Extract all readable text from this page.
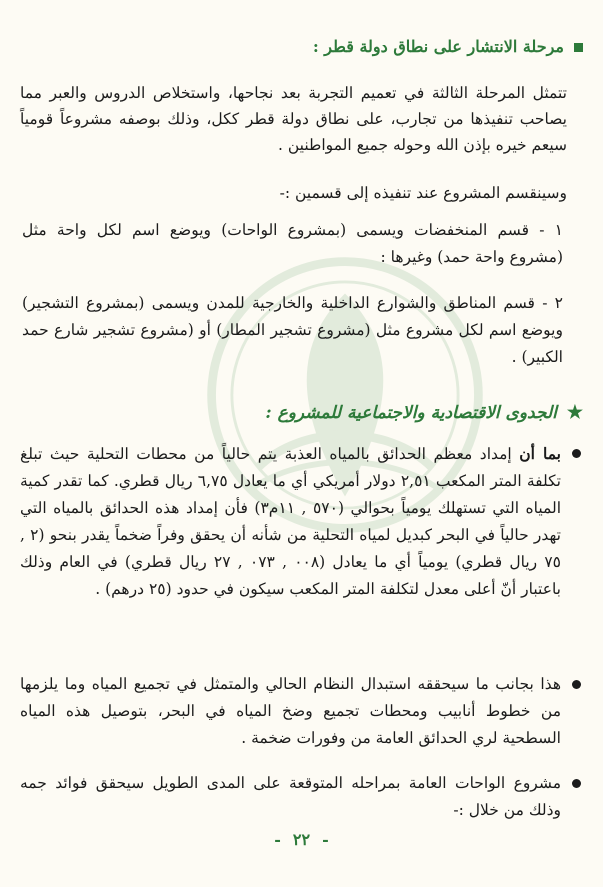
مرحلة الانتشار على نطاق دولة قطر :

تتمثل المرحلة الثالثة في تعميم التجربة بعد نجاحها، واستخلاص الدروس والعبر مما يصاحب تنفيذها من تجارب، على نطاق دولة قطر ككل، وذلك بوصفه مشروعاً قومياً سيعم خيره بإذن الله وحوله جميع المواطنين .

وسينقسم المشروع عند تنفيذه إلى قسمين :-

١ - قسم المنخفضات ويسمى (بمشروع الواحات) ويوضع اسم لكل واحة مثل (مشروع واحة حمد) وغيرها :
٢ - قسم المناطق والشوارع الداخلية والخارجية للمدن ويسمى (بمشروع التشجير) ويوضع اسم لكل مشروع مثل (مشروع تشجير المطار) أو (مشروع تشجير شارع حمد الكبير) .
★الجدوى الاقتصادية والاجتماعية للمشروع :
بما أن إمداد معظم الحدائق بالمياه العذبة يتم حالياً من محطات التحلية حيث تبلغ تكلفة المتر المكعب ٢,٥١ دولار أمريكي أي ما يعادل ٦,٧٥ ريال قطري. كما تقدر كمية المياه التي تستهلك يومياً بحوالي (٥٧٠ , ١١م٣) فأن إمداد هذه الحدائق بالمياه التي تهدر حالياً في البحر كبديل لمياه التحلية من شأنه أن يحقق وفراً ضخماً يقدر بنحو (٢ , ٧٥ ريال قطري) يومياً أي ما يعادل (٠٠٨ , ٠٧٣ , ٢٧ ريال قطري) في العام وذلك باعتبار أنّ أعلى معدل لتكلفة المتر المكعب سيكون في حدود (٢٥ درهم) .
هذا بجانب ما سيحققه استبدال النظام الحالي والمتمثل في تجميع المياه وما يلزمها من خطوط أنابيب ومحطات تجميع وضخ المياه في البحر، بتوصيل هذه المياه السطحية لري الحدائق العامة من وفورات ضخمة .
مشروع الواحات العامة بمراحله المتوقعة على المدى الطويل سيحقق فوائد جمه وذلك من خلال :-
-٢٢-
